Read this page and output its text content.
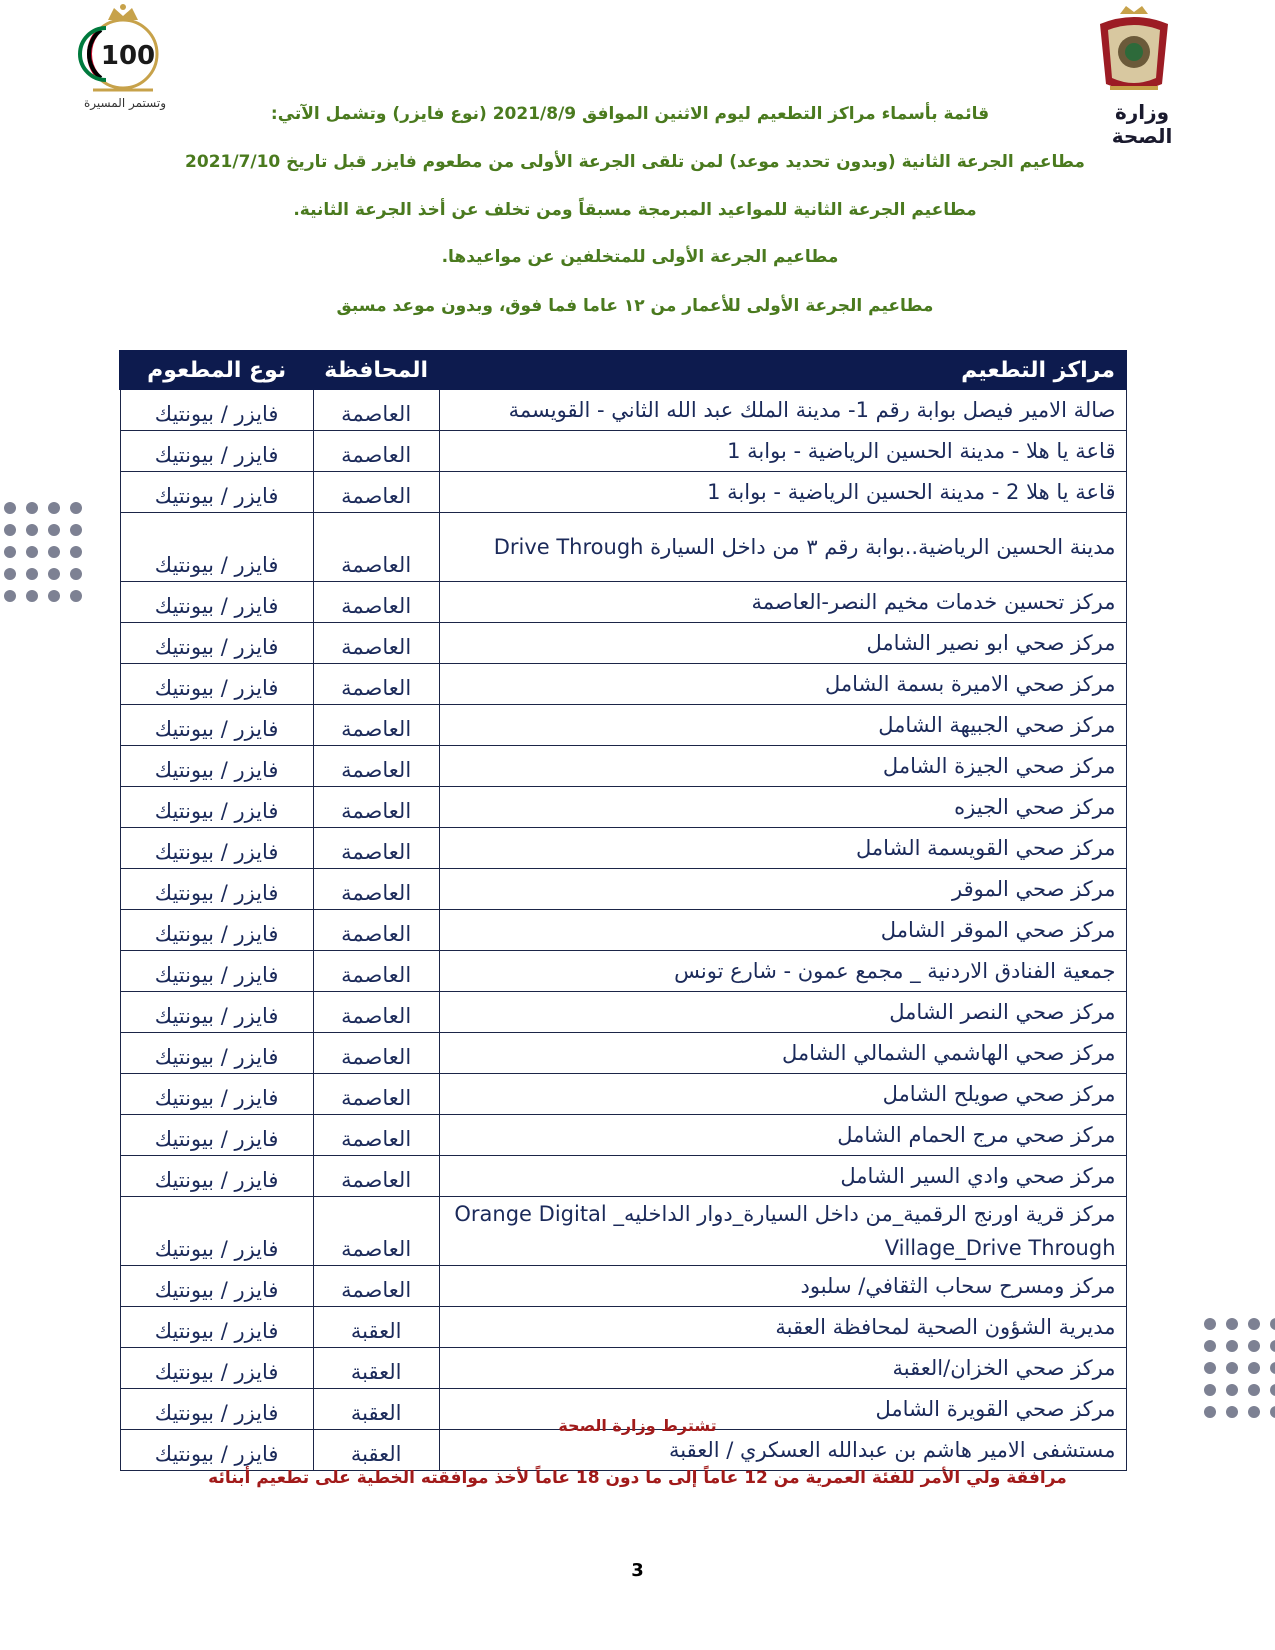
100
وتستمر المسيرة	وزارة الصحة
قائمة بأسماء مراكز التطعيم ليوم الاثنين الموافق 2021/8/9 (نوع فايزر) وتشمل الآتي:
مطاعيم الجرعة الثانية (وبدون تحديد موعد) لمن تلقى الجرعة الأولى من مطعوم فايزر قبل تاريخ 2021/7/10
مطاعيم الجرعة الثانية للمواعيد المبرمجة مسبقاً ومن تخلف عن أخذ الجرعة الثانية.
مطاعيم الجرعة الأولى للمتخلفين عن مواعيدها.
مطاعيم الجرعة الأولى للأعمار من ١٢ عاما فما فوق، وبدون موعد مسبق
مراكز التطعيم	المحافظة	نوع المطعوم
صالة الامير فيصل بوابة رقم 1- مدينة الملك عبد الله الثاني - القويسمة	العاصمة	فايزر / بيونتيك
قاعة يا هلا - مدينة الحسين الرياضية - بوابة 1	العاصمة	فايزر / بيونتيك
قاعة يا هلا 2 - مدينة الحسين الرياضية - بوابة 1	العاصمة	فايزر / بيونتيك
مدينة الحسين الرياضية..بوابة رقم ٣ من داخل السيارة Drive Through	العاصمة	فايزر / بيونتيك
مركز تحسين خدمات مخيم النصر-العاصمة	العاصمة	فايزر / بيونتيك
مركز صحي ابو نصير الشامل	العاصمة	فايزر / بيونتيك
مركز صحي الاميرة بسمة الشامل	العاصمة	فايزر / بيونتيك
مركز صحي الجبيهة الشامل	العاصمة	فايزر / بيونتيك
مركز صحي الجيزة الشامل	العاصمة	فايزر / بيونتيك
مركز صحي الجيزه	العاصمة	فايزر / بيونتيك
مركز صحي القويسمة الشامل	العاصمة	فايزر / بيونتيك
مركز صحي الموقر	العاصمة	فايزر / بيونتيك
مركز صحي الموقر الشامل	العاصمة	فايزر / بيونتيك
جمعية الفنادق الاردنية _ مجمع عمون - شارع تونس	العاصمة	فايزر / بيونتيك
مركز صحي النصر الشامل	العاصمة	فايزر / بيونتيك
مركز صحي الهاشمي الشمالي الشامل	العاصمة	فايزر / بيونتيك
مركز صحي صويلح الشامل	العاصمة	فايزر / بيونتيك
مركز صحي مرج الحمام الشامل	العاصمة	فايزر / بيونتيك
مركز صحي وادي السير الشامل	العاصمة	فايزر / بيونتيك
مركز قرية اورنج الرقمية_من داخل السيارة_دوار الداخليه_ Orange Digital Village_Drive Through	العاصمة	فايزر / بيونتيك
مركز ومسرح سحاب الثقافي/ سلبود	العاصمة	فايزر / بيونتيك
مديرية الشؤون الصحية لمحافظة العقبة	العقبة	فايزر / بيونتيك
مركز صحي الخزان/العقبة	العقبة	فايزر / بيونتيك
مركز صحي القويرة الشامل	العقبة	فايزر / بيونتيك
مستشفى الامير هاشم بن عبدالله العسكري / العقبة	العقبة	فايزر / بيونتيك
تشترط وزارة الصحة
مرافقة ولي الأمر للفئة العمرية من 12 عاماً إلى ما دون 18 عاماً لأخذ موافقته الخطية على تطعيم أبنائه
3
